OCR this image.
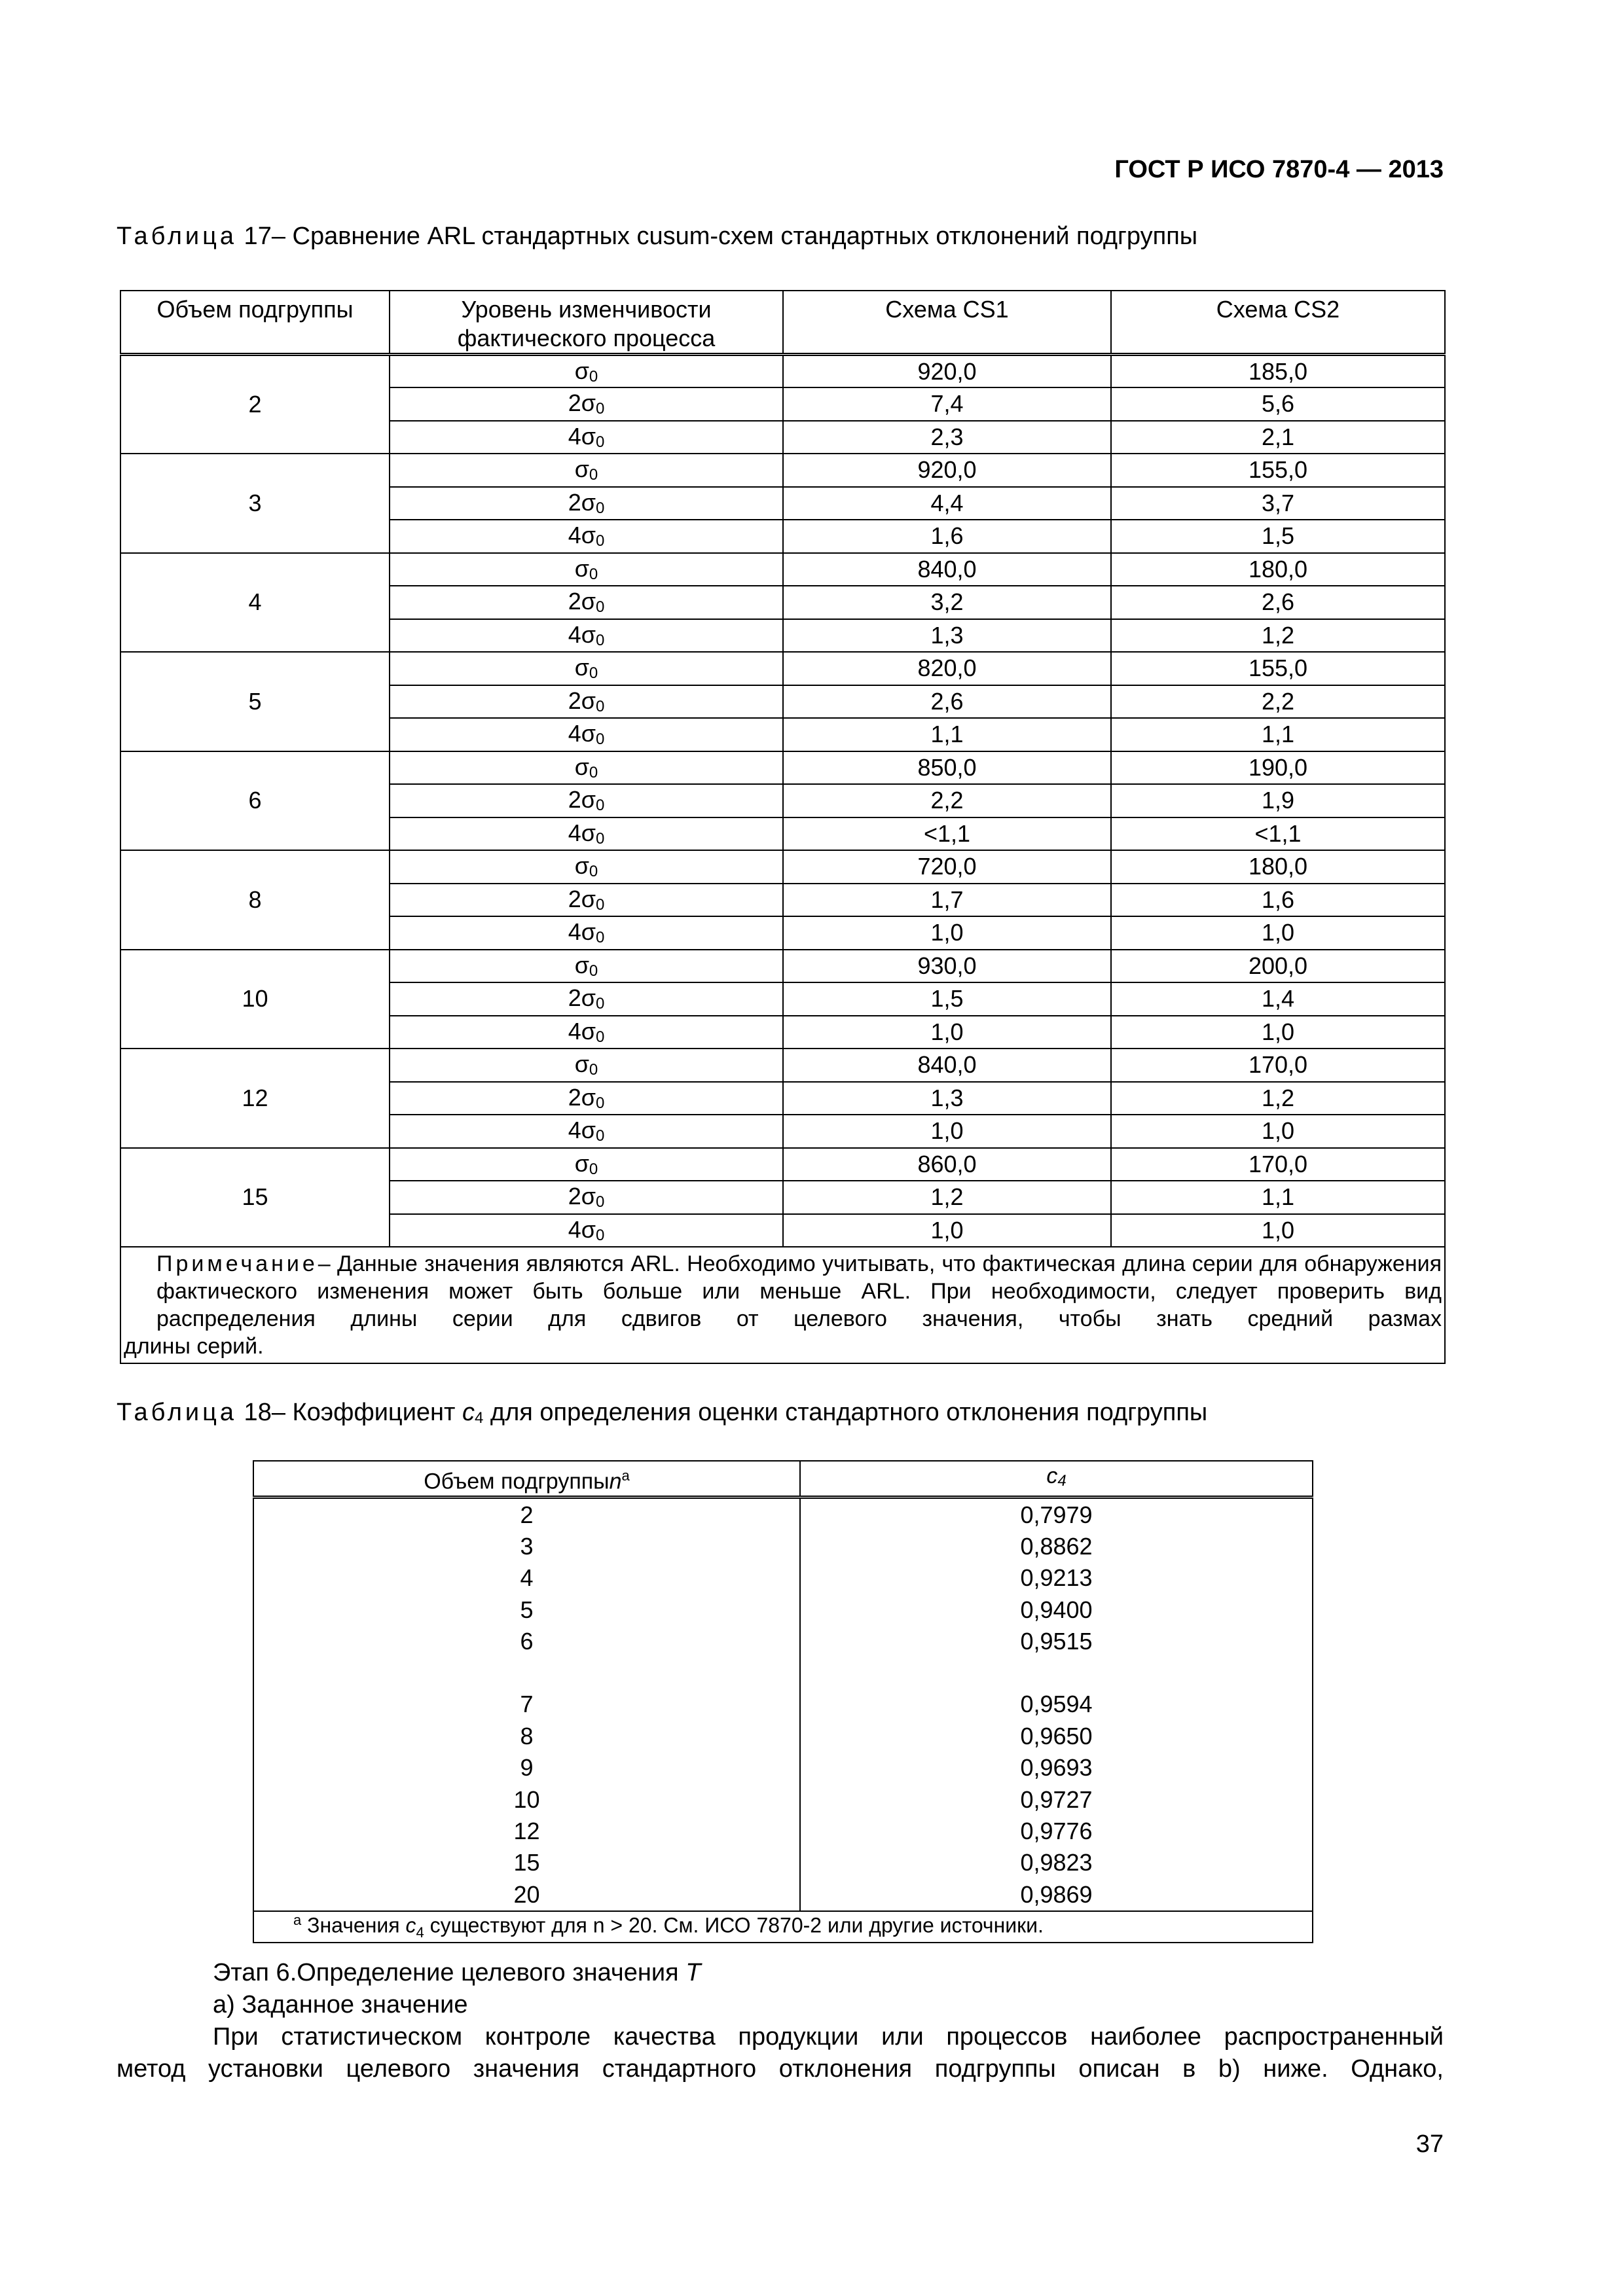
ГОСТ Р ИСО 7870-4 — 2013
Таблица 17– Сравнение ARL стандартных cusum-схем стандартных отклонений подгруппы
Объем подгруппы	Уровень изменчивости фактического процесса	Схема CS1	Схема CS2
2	$\sigma_0$	920,0	185,0
	$2\sigma_0$	7,4	5,6
	$4\sigma_0$	2,3	2,1
3	$\sigma_0$	920,0	155,0
	$2\sigma_0$	4,4	3,7
	$4\sigma_0$	1,6	1,5
4	$\sigma_0$	840,0	180,0
	$2\sigma_0$	3,2	2,6
	$4\sigma_0$	1,3	1,2
5	$\sigma_0$	820,0	155,0
	$2\sigma_0$	2,6	2,2
	$4\sigma_0$	1,1	1,1
6	$\sigma_0$	850,0	190,0
	$2\sigma_0$	2,2	1,9
	$4\sigma_0$	<1,1	<1,1
8	$\sigma_0$	720,0	180,0
	$2\sigma_0$	1,7	1,6
	$4\sigma_0$	1,0	1,0
10	$\sigma_0$	930,0	200,0
	$2\sigma_0$	1,5	1,4
	$4\sigma_0$	1,0	1,0
12	$\sigma_0$	840,0	170,0
	$2\sigma_0$	1,3	1,2
	$4\sigma_0$	1,0	1,0
15	$\sigma_0$	860,0	170,0
	$2\sigma_0$	1,2	1,1
	$4\sigma_0$	1,0	1,0

Примечание– Данные значения являются ARL. Необходимо учитывать, что фактическая длина серии для обнаружения фактического изменения может быть больше или меньше ARL. При необходимости, следует проверить вид распределения длины серии для сдвигов от целевого значения, чтобы знать средний размах
длины серий.			
Таблица 18– Коэффициент $c_4$ для определения оценки стандартного отклонения подгруппы
Объем подгруппыn$^a$	$c_4$
2	0,7979
3	0,8862
4	0,9213
5	0,9400
6	0,9515

7	0,9594
8	0,9650
9	0,9693
10	0,9727
12	0,9776
15	0,9823
20	0,9869
$^a$ Значения $c_4$ существуют для n > 20. См. ИСО 7870-2 или другие источники.	
Этап 6.Определение целевого значения T
a) Заданное значение
При статистическом контроле качества продукции или процессов наиболее распространенный
метод установки целевого значения стандартного отклонения подгруппы описан в b) ниже. Однако,
37
